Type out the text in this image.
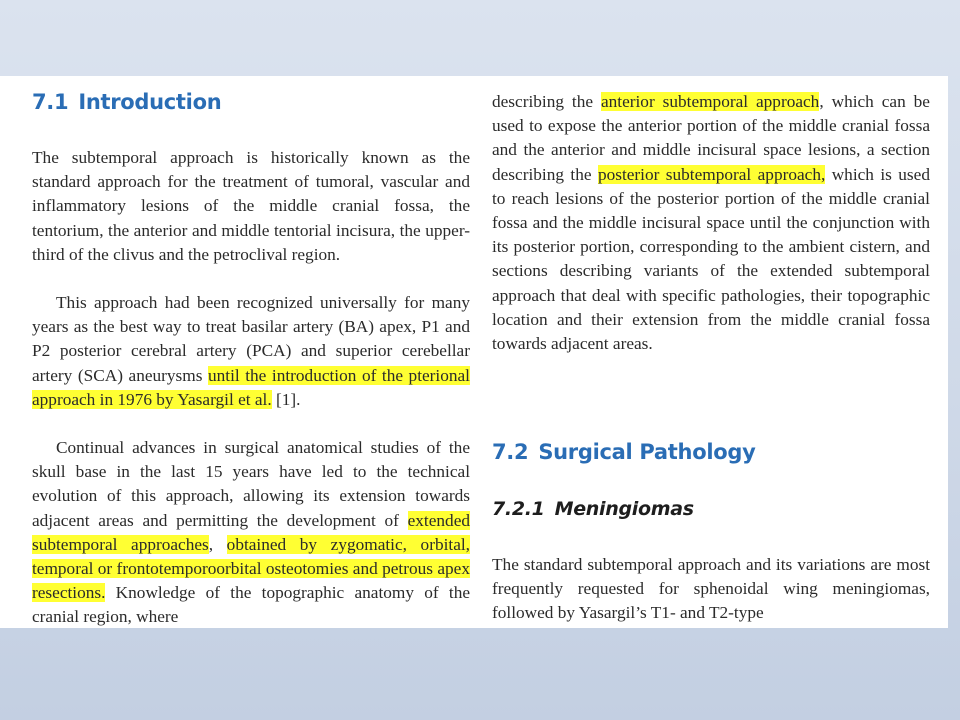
7.1 Introduction

The subtemporal approach is historically known as the standard approach for the treatment of tumoral, vascular and inflammatory lesions of the middle cranial fossa, the tentorium, the anterior and middle tentorial incisura, the upper-third of the clivus and the petroclival region.

This approach had been recognized universally for many years as the best way to treat basilar artery (BA) apex, P1 and P2 posterior cerebral artery (PCA) and superior cerebellar artery (SCA) aneurysms until the introduction of the pterional approach in 1976 by Yasargil et al. [1].

Continual advances in surgical anatomical studies of the skull base in the last 15 years have led to the technical evolution of this approach, allowing its extension towards adjacent areas and permitting the development of extended subtemporal approaches, obtained by zygomatic, orbital, temporal or frontotemporoorbital osteotomies and petrous apex resections. Knowledge of the topographic anatomy of the cranial region, where

describing the anterior subtemporal approach, which can be used to expose the anterior portion of the middle cranial fossa and the anterior and middle incisural space lesions, a section describing the posterior subtemporal approach, which is used to reach lesions of the posterior portion of the middle cranial fossa and the middle incisural space until the conjunction with its posterior portion, corresponding to the ambient cistern, and sections describing variants of the extended subtemporal approach that deal with specific pathologies, their topographic location and their extension from the middle cranial fossa towards adjacent areas.

7.2 Surgical Pathology
7.2.1 Meningiomas

The standard subtemporal approach and its variations are most frequently requested for sphenoidal wing meningiomas, followed by Yasargil’s T1- and T2-type
